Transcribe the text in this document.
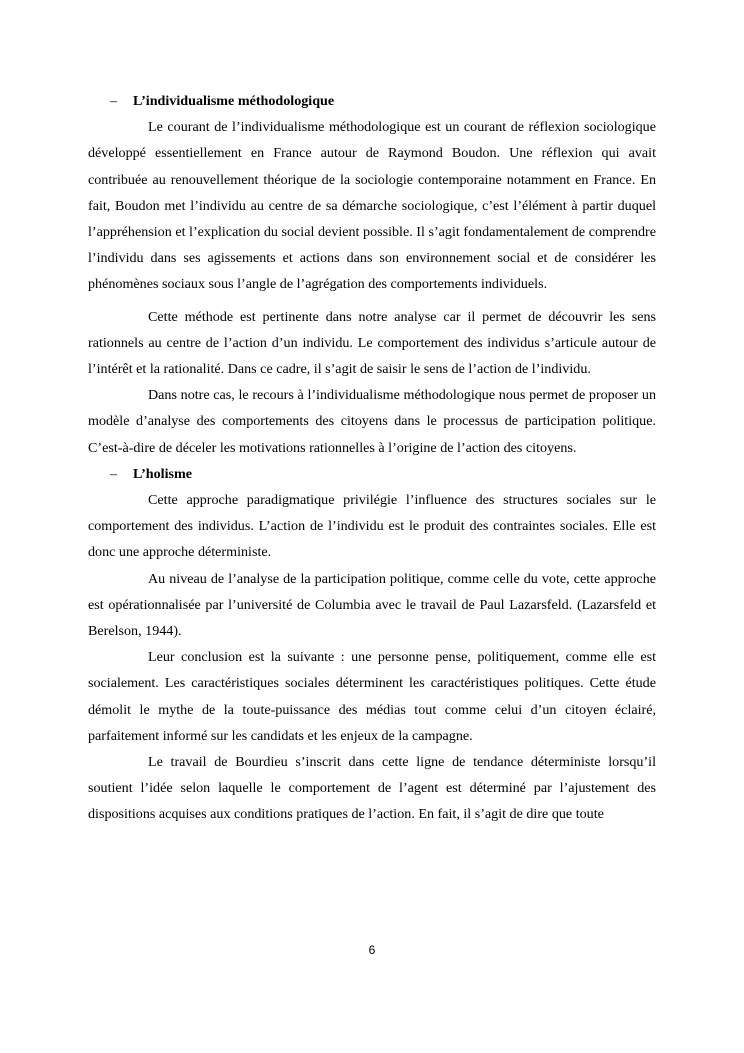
– L’individualisme méthodologique

Le courant de l’individualisme méthodologique est un courant de réflexion sociologique développé essentiellement en France autour de Raymond Boudon. Une réflexion qui avait contribuée au renouvellement théorique de la sociologie contemporaine notamment en France. En fait, Boudon met l’individu au centre de sa démarche sociologique, c’est l’élément à partir duquel l’appréhension et l’explication du social devient possible. Il s’agit fondamentalement de comprendre l’individu dans ses agissements et actions dans son environnement social et de considérer les phénomènes sociaux sous l’angle de l’agrégation des comportements individuels.

Cette méthode est pertinente dans notre analyse car il permet de découvrir les sens rationnels au centre de l’action d’un individu. Le comportement des individus s’articule autour de l’intérêt et la rationalité. Dans ce cadre, il s’agit de saisir le sens de l’action de l’individu.

Dans notre cas, le recours à l’individualisme méthodologique nous permet de proposer un modèle d’analyse des comportements des citoyens dans le processus de participation politique. C’est-à-dire de déceler les motivations rationnelles à l’origine de l’action des citoyens.

– L’holisme

Cette approche paradigmatique privilégie l’influence des structures sociales sur le comportement des individus. L’action de l’individu est le produit des contraintes sociales. Elle est donc une approche déterministe.

Au niveau de l’analyse de la participation politique, comme celle du vote, cette approche est opérationnalisée par l’université de Columbia avec le travail de Paul Lazarsfeld. (Lazarsfeld et Berelson, 1944).

Leur conclusion est la suivante : une personne pense, politiquement, comme elle est socialement. Les caractéristiques sociales déterminent les caractéristiques politiques. Cette étude démolit le mythe de la toute-puissance des médias tout comme celui d’un citoyen éclairé, parfaitement informé sur les candidats et les enjeux de la campagne.

Le travail de Bourdieu s’inscrit dans cette ligne de tendance déterministe lorsqu’il soutient l’idée selon laquelle le comportement de l’agent est déterminé par l’ajustement des dispositions acquises aux conditions pratiques de l’action. En fait, il s’agit de dire que toute

6
